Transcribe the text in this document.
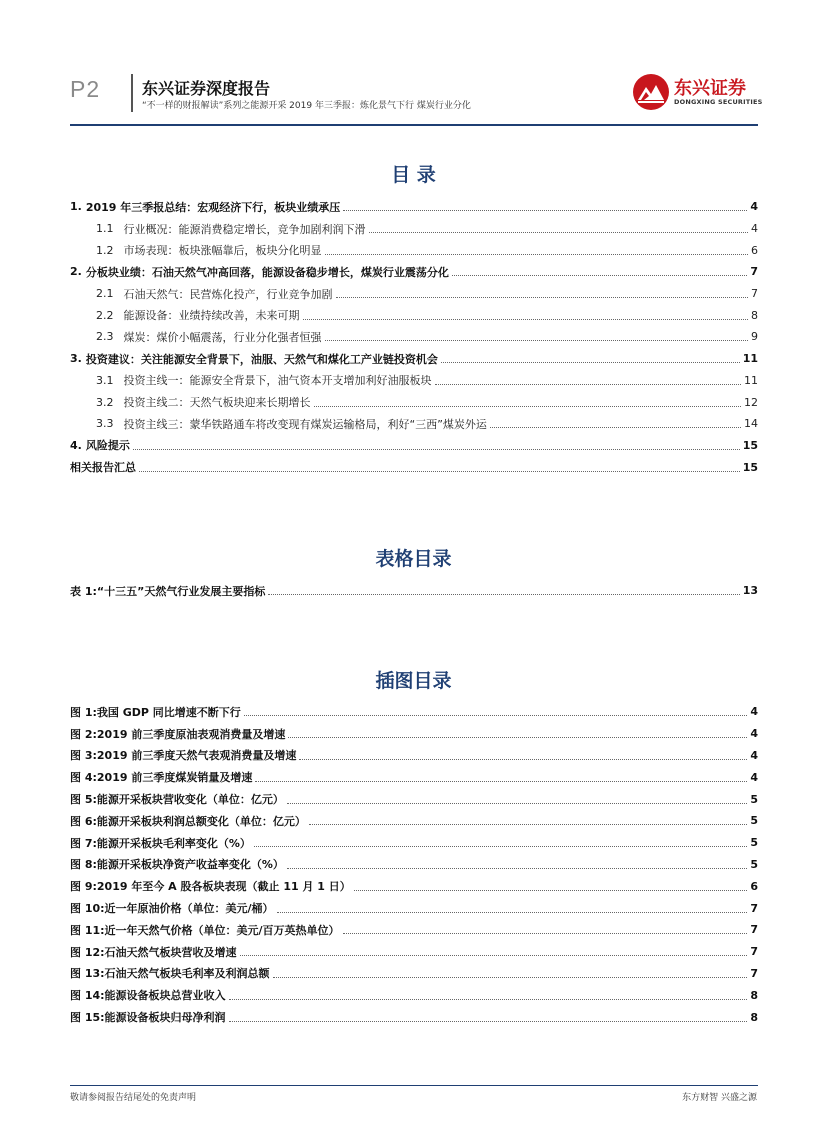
P2	东兴证券深度报告
“不一样的财报解读”系列之能源开采 2019 年三季报：炼化景气下行 煤炭行业分化
东兴证券
DONGXING SECURITIES
目 录
1. 2019 年三季报总结：宏观经济下行，板块业绩承压	4
1.1 行业概况：能源消费稳定增长，竞争加剧利润下滑	4
1.2 市场表现：板块涨幅靠后，板块分化明显	6
2. 分板块业绩：石油天然气冲高回落，能源设备稳步增长，煤炭行业震荡分化	7
2.1 石油天然气：民营炼化投产，行业竞争加剧	7
2.2 能源设备：业绩持续改善，未来可期	8
2.3 煤炭：煤价小幅震荡，行业分化强者恒强	9
3. 投资建议：关注能源安全背景下，油服、天然气和煤化工产业链投资机会	11
3.1 投资主线一：能源安全背景下，油气资本开支增加利好油服板块	11
3.2 投资主线二：天然气板块迎来长期增长	12
3.3 投资主线三：蒙华铁路通车将改变现有煤炭运输格局，利好“三西”煤炭外运	14
4. 风险提示	15
相关报告汇总	15
表格目录
表 1:“十三五”天然气行业发展主要指标	13
插图目录
图 1:我国 GDP 同比增速不断下行	4
图 2:2019 前三季度原油表观消费量及增速	4
图 3:2019 前三季度天然气表观消费量及增速	4
图 4:2019 前三季度煤炭销量及增速	4
图 5:能源开采板块营收变化（单位：亿元）	5
图 6:能源开采板块利润总额变化（单位：亿元）	5
图 7:能源开采板块毛利率变化（%）	5
图 8:能源开采板块净资产收益率变化（%）	5
图 9:2019 年至今 A 股各板块表现（截止 11 月 1 日）	6
图 10:近一年原油价格（单位：美元/桶）	7
图 11:近一年天然气价格（单位：美元/百万英热单位）	7
图 12:石油天然气板块营收及增速	7
图 13:石油天然气板块毛利率及利润总额	7
图 14:能源设备板块总营业收入	8
图 15:能源设备板块归母净利润	8
敬请参阅报告结尾处的免责声明	东方财智 兴盛之源
